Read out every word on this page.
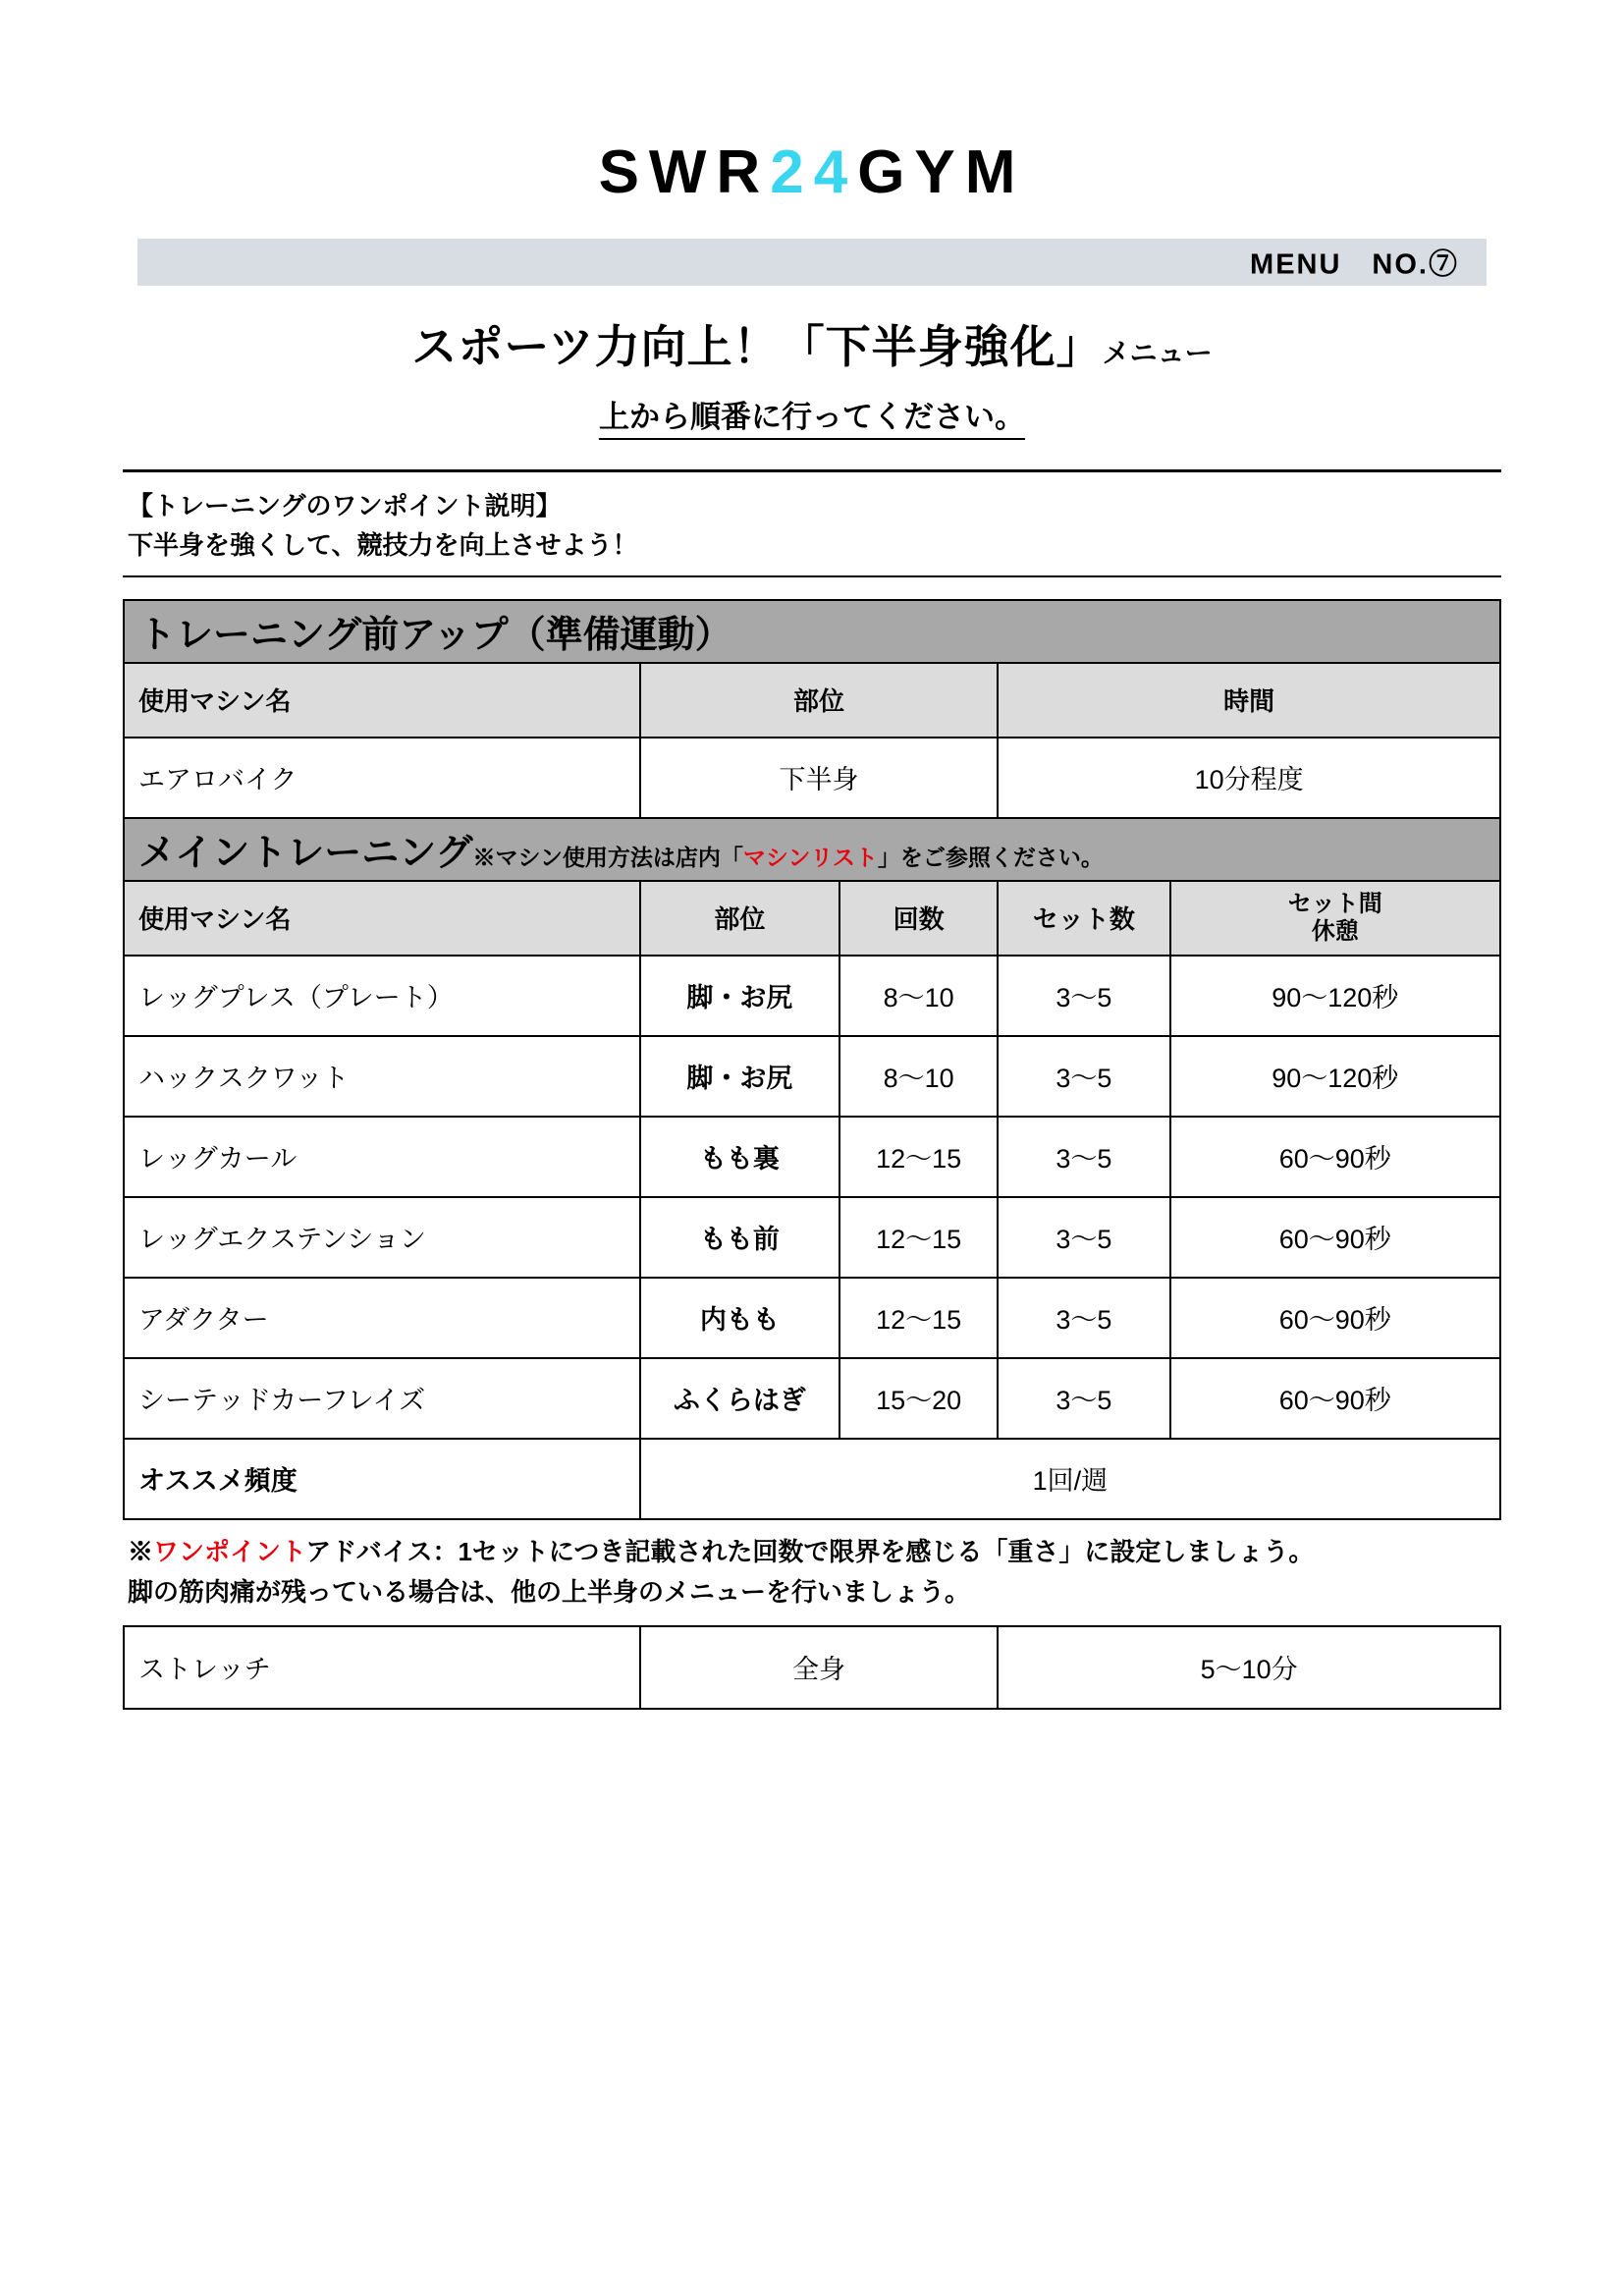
SWR24GYM
MENU　NO.⑦
スポーツ力向上！「下半身強化」メニュー
上から順番に行ってください。
【トレーニングのワンポイント説明】
下半身を強くして、競技力を向上させよう！
トレーニング前アップ（準備運動）				
使用マシン名	部位		時間	
エアロバイク	下半身		10分程度	
メイントレーニング※マシン使用方法は店内「マシンリスト」をご参照ください。				
使用マシン名	部位	回数	セット数	セット間
休憩

レッグプレス（プレート）	脚・お尻	8〜10	3〜5	90〜120秒
ハックスクワット	脚・お尻	8〜10	3〜5	90〜120秒
レッグカール	もも裏	12〜15	3〜5	60〜90秒
レッグエクステンション	もも前	12〜15	3〜5	60〜90秒
アダクター	内もも	12〜15	3〜5	60〜90秒
シーテッドカーフレイズ	ふくらはぎ	15〜20	3〜5	60〜90秒
オススメ頻度	1回/週			
※ワンポイントアドバイス：1セットにつき記載された回数で限界を感じる「重さ」に設定しましょう。
脚の筋肉痛が残っている場合は、他の上半身のメニューを行いましょう。
ストレッチ	全身	5〜10分
